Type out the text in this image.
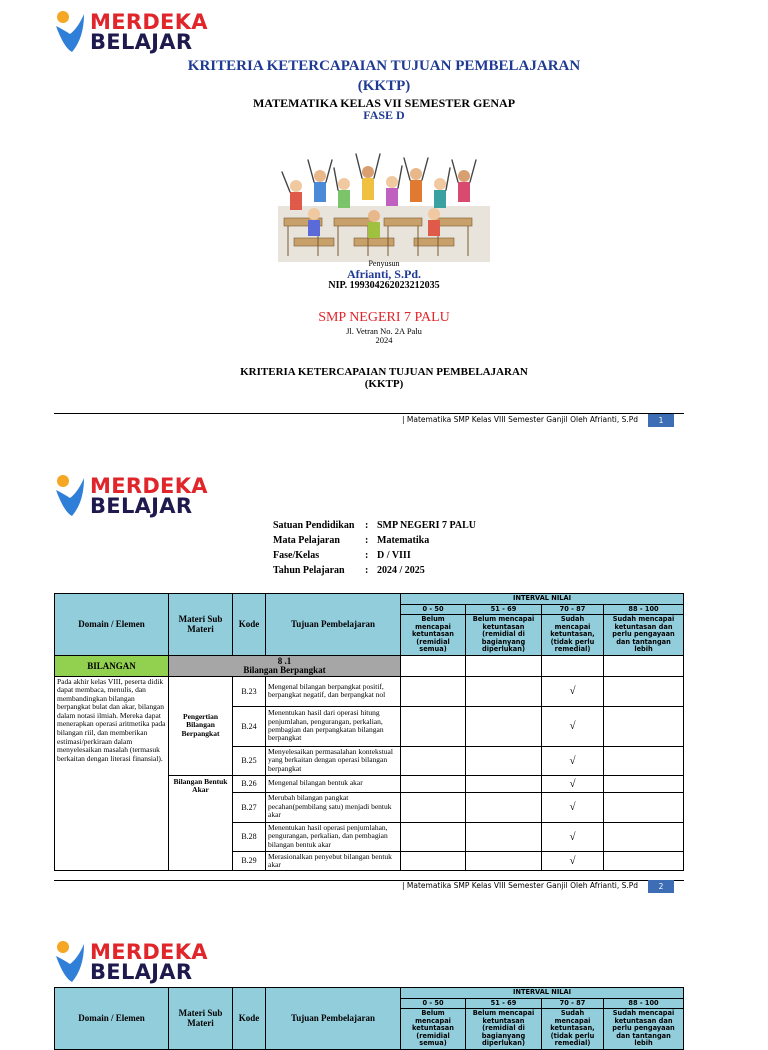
MERDEKA
BELAJAR
KRITERIA KETERCAPAIAN TUJUAN PEMBELAJARAN
(KKTP)
MATEMATIKA KELAS VII SEMESTER GENAP
FASE D
Penyusun
Afrianti, S.Pd.
NIP. 199304262023212035
SMP NEGERI 7 PALU
Jl. Vetran No. 2A Palu
2024
KRITERIA KETERCAPAIAN TUJUAN PEMBELAJARAN
(KKTP)
| Matematika SMP Kelas VIII Semester Ganjil Oleh Afrianti, S.Pd	1
MERDEKA
BELAJAR
Satuan Pendidikan	:	SMP NEGERI 7 PALU
Mata Pelajaran	:	Matematika
Fase/Kelas	:	D / VIII
Tahun Pelajaran	:	2024 / 2025
Domain / Elemen	Materi Sub Materi	Kode	Tujuan Pembelajaran	INTERVAL NILAI			
				0 - 50	51 - 69	70 - 87	88 - 100
				Belum mencapai ketuntasan (remidial semua)	Belum mencapai ketuntasan (remidial di bagianyang diperlukan)	Sudah mencapai ketuntasan, (tidak perlu remedial)	Sudah mencapai ketuntasan dan perlu pengayaan dan tantangan lebih
BILANGAN	8 .1
Bilangan Berpangkat						

Pada akhir kelas VIII, peserta didik dapat membaca, menulis, dan membandingkan bilangan berpangkat bulat dan akar, bilangan dalam notasi ilmiah. Mereka dapat menerapkan operasi aritmetika pada bilangan riil, dan memberikan estimasi/perkiraan dalam menyelesaikan masalah (termasuk berkaitan dengan literasi finansial).	Pengertian Bilangan Berpangkat	B.23	Mengenal bilangan berpangkat positif, berpangkat negatif, dan berpangkat nol			√	
		B.24	Menentukan hasil dari operasi hitung penjumlahan, pengurangan, perkalian, pembagian dan perpangkatan bilangan berpangkat			√	
		B.25	Menyelesaikan permasalahan kontekstual yang berkaitan dengan operasi bilangan berpangkat			√	
	Bilangan Bentuk Akar	B.26	Mengenal bilangan bentuk akar			√	
		B.27	Merubah bilangan pangkat pecahan(pembilang satu) menjadi bentuk akar			√	
		B.28	Menentukan hasil operasi penjumlahan, pengurangan, perkalian, dan pembagian bilangan bentuk akar			√	
		B.29	Merasionalkan penyebut bilangan bentuk akar			√	
| Matematika SMP Kelas VIII Semester Ganjil Oleh Afrianti, S.Pd	2
MERDEKA
BELAJAR
Domain / Elemen	Materi Sub Materi	Kode	Tujuan Pembelajaran	INTERVAL NILAI			
				0 - 50	51 - 69	70 - 87	88 - 100
				Belum mencapai ketuntasan (remidial semua)	Belum mencapai ketuntasan (remidial di bagianyang diperlukan)	Sudah mencapai ketuntasan, (tidak perlu remedial)	Sudah mencapai ketuntasan dan perlu pengayaan dan tantangan lebih
